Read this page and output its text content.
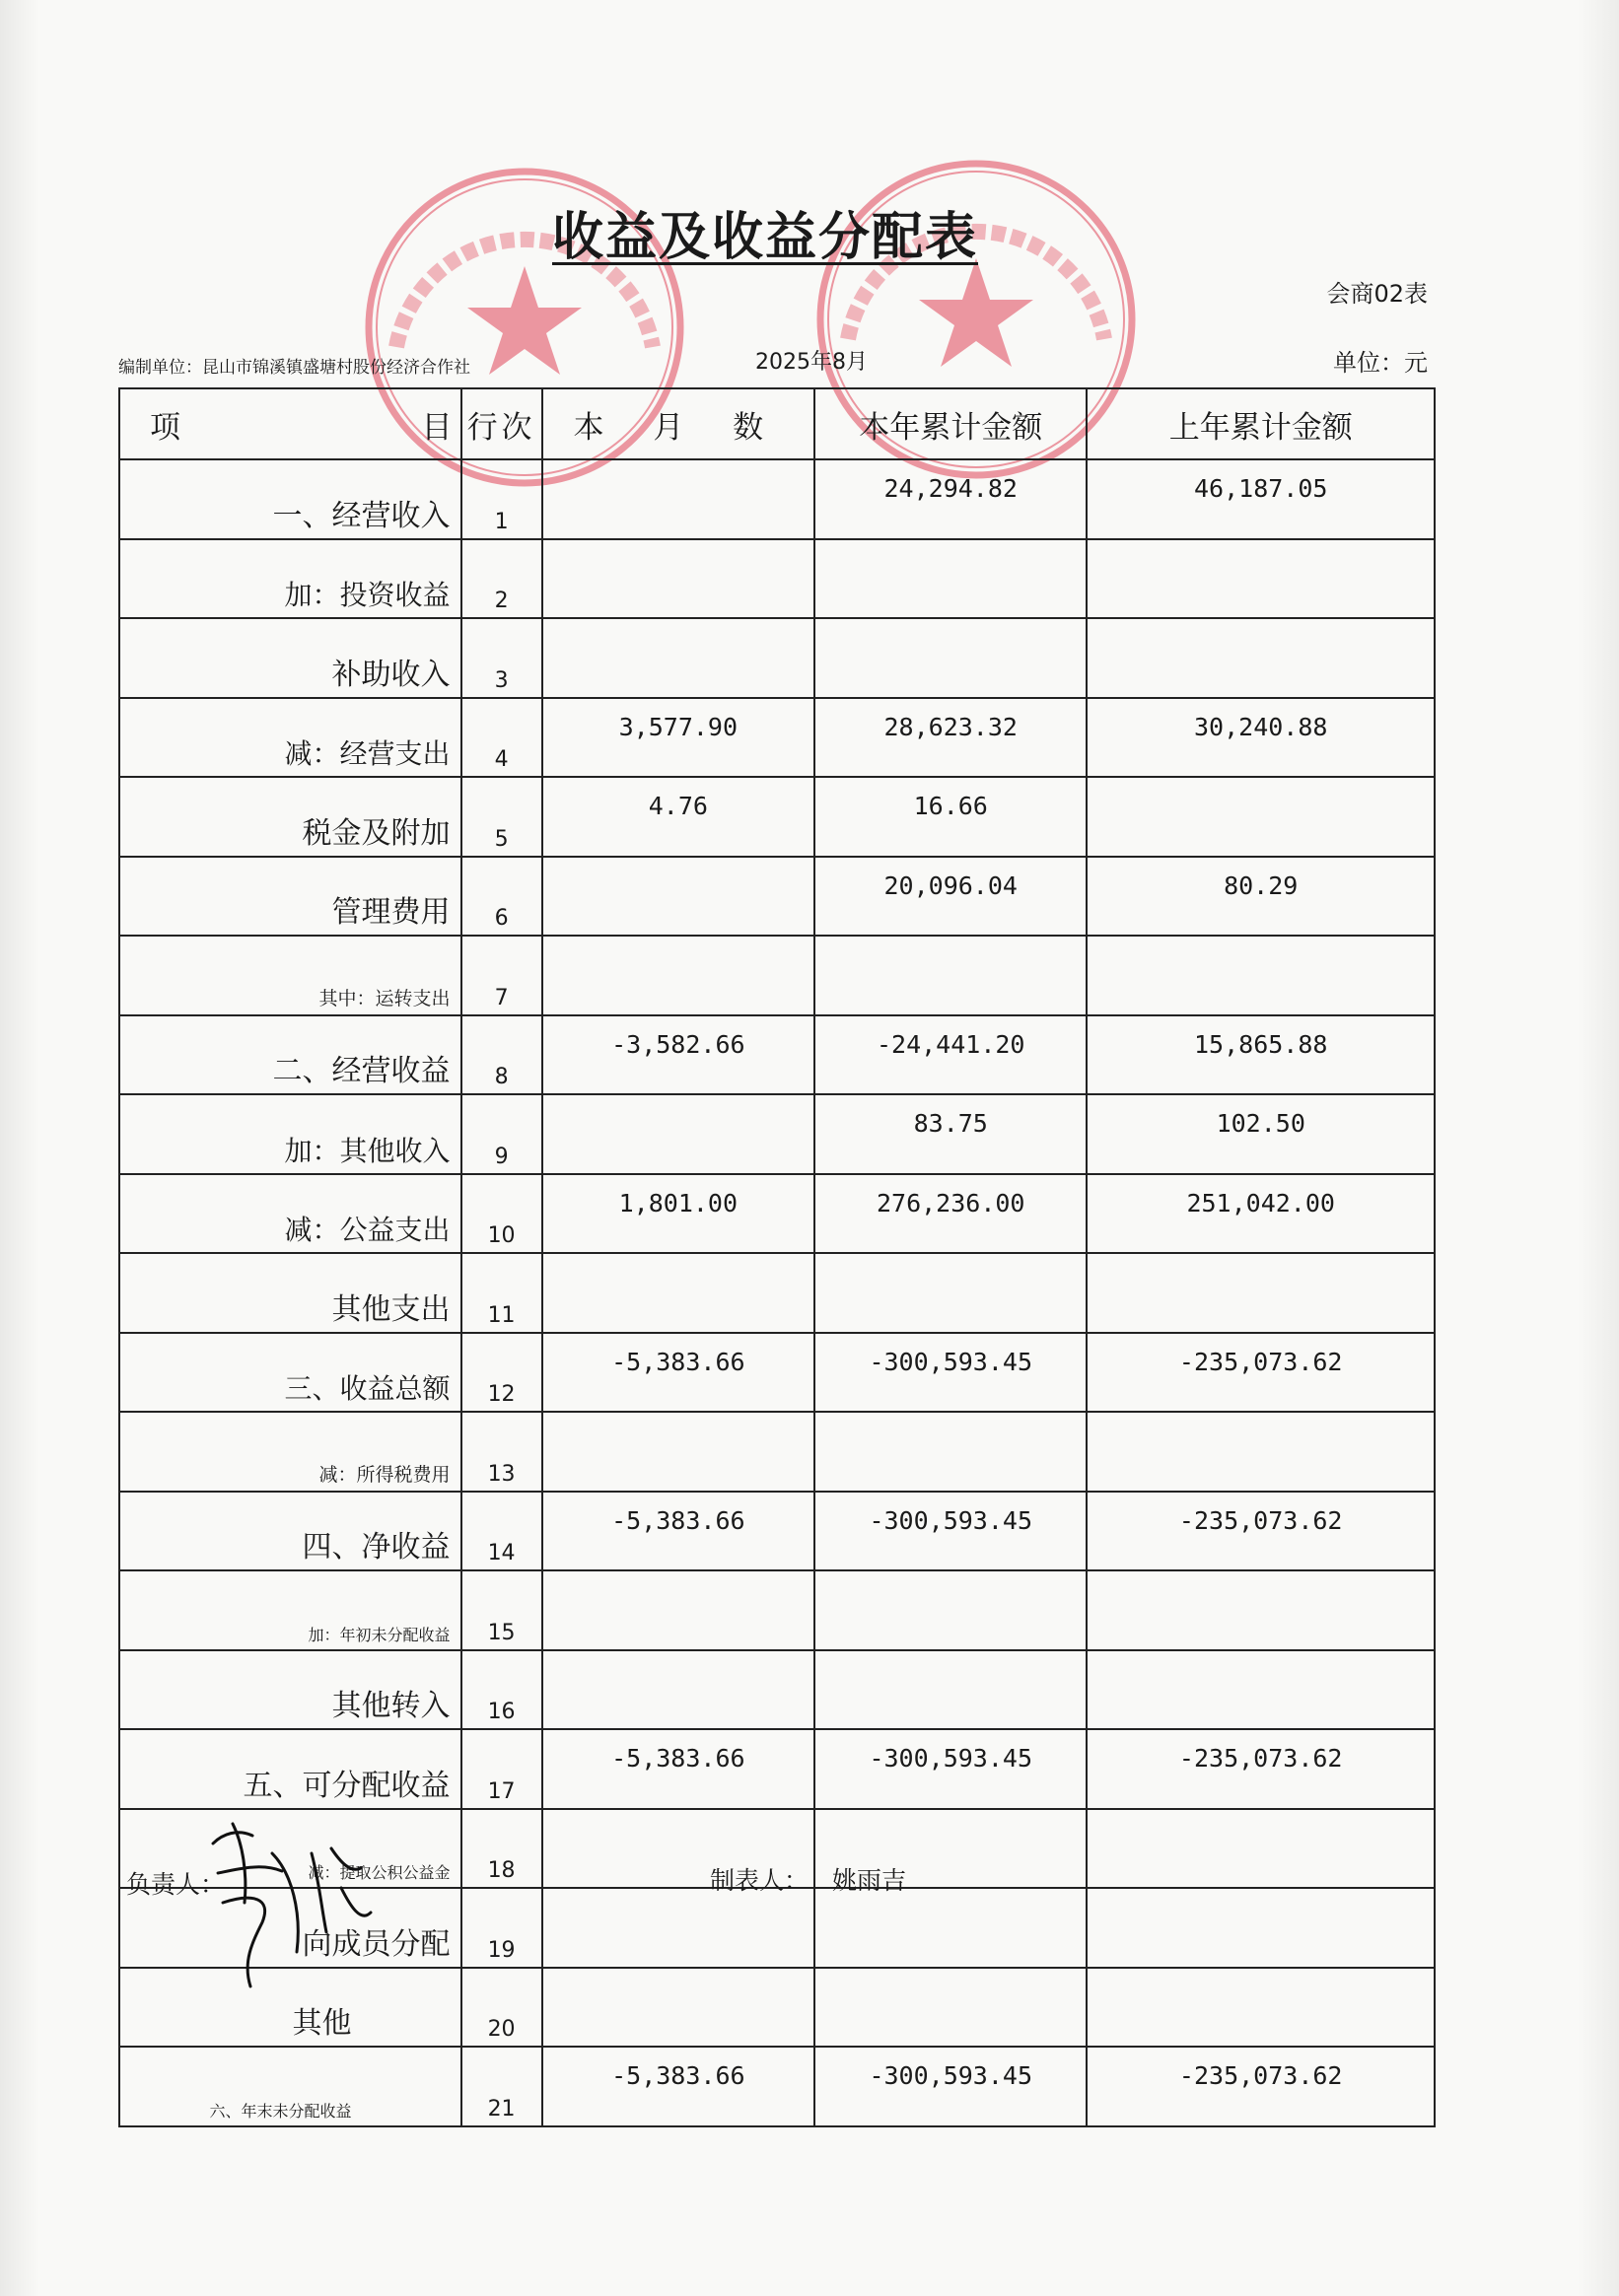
收益及收益分配表
会商02表
编制单位：昆山市锦溪镇盛塘村股份经济合作社	2025年8月	单位：元
项 目	行次	本 月 数	本年累计金额	上年累计金额
一、经营收入	1		24,294.82	46,187.05
加：投资收益	2			
补助收入	3			
减：经营支出	4	3,577.90	28,623.32	30,240.88
税金及附加	5	4.76	16.66	
管理费用	6		20,096.04	80.29
其中：运转支出	7			
二、经营收益	8	-3,582.66	-24,441.20	15,865.88
加：其他收入	9		83.75	102.50
减：公益支出	10	1,801.00	276,236.00	251,042.00
其他支出	11			
三、收益总额	12	-5,383.66	-300,593.45	-235,073.62
减：所得税费用	13			
四、净收益	14	-5,383.66	-300,593.45	-235,073.62
加：年初未分配收益	15			
其他转入	16			
五、可分配收益	17	-5,383.66	-300,593.45	-235,073.62
减：提取公积公益金	18			
向成员分配	19			
其他	20			
六、年末未分配收益	21	-5,383.66	-300,593.45	-235,073.62
负责人：	制表人： 姚雨吉
